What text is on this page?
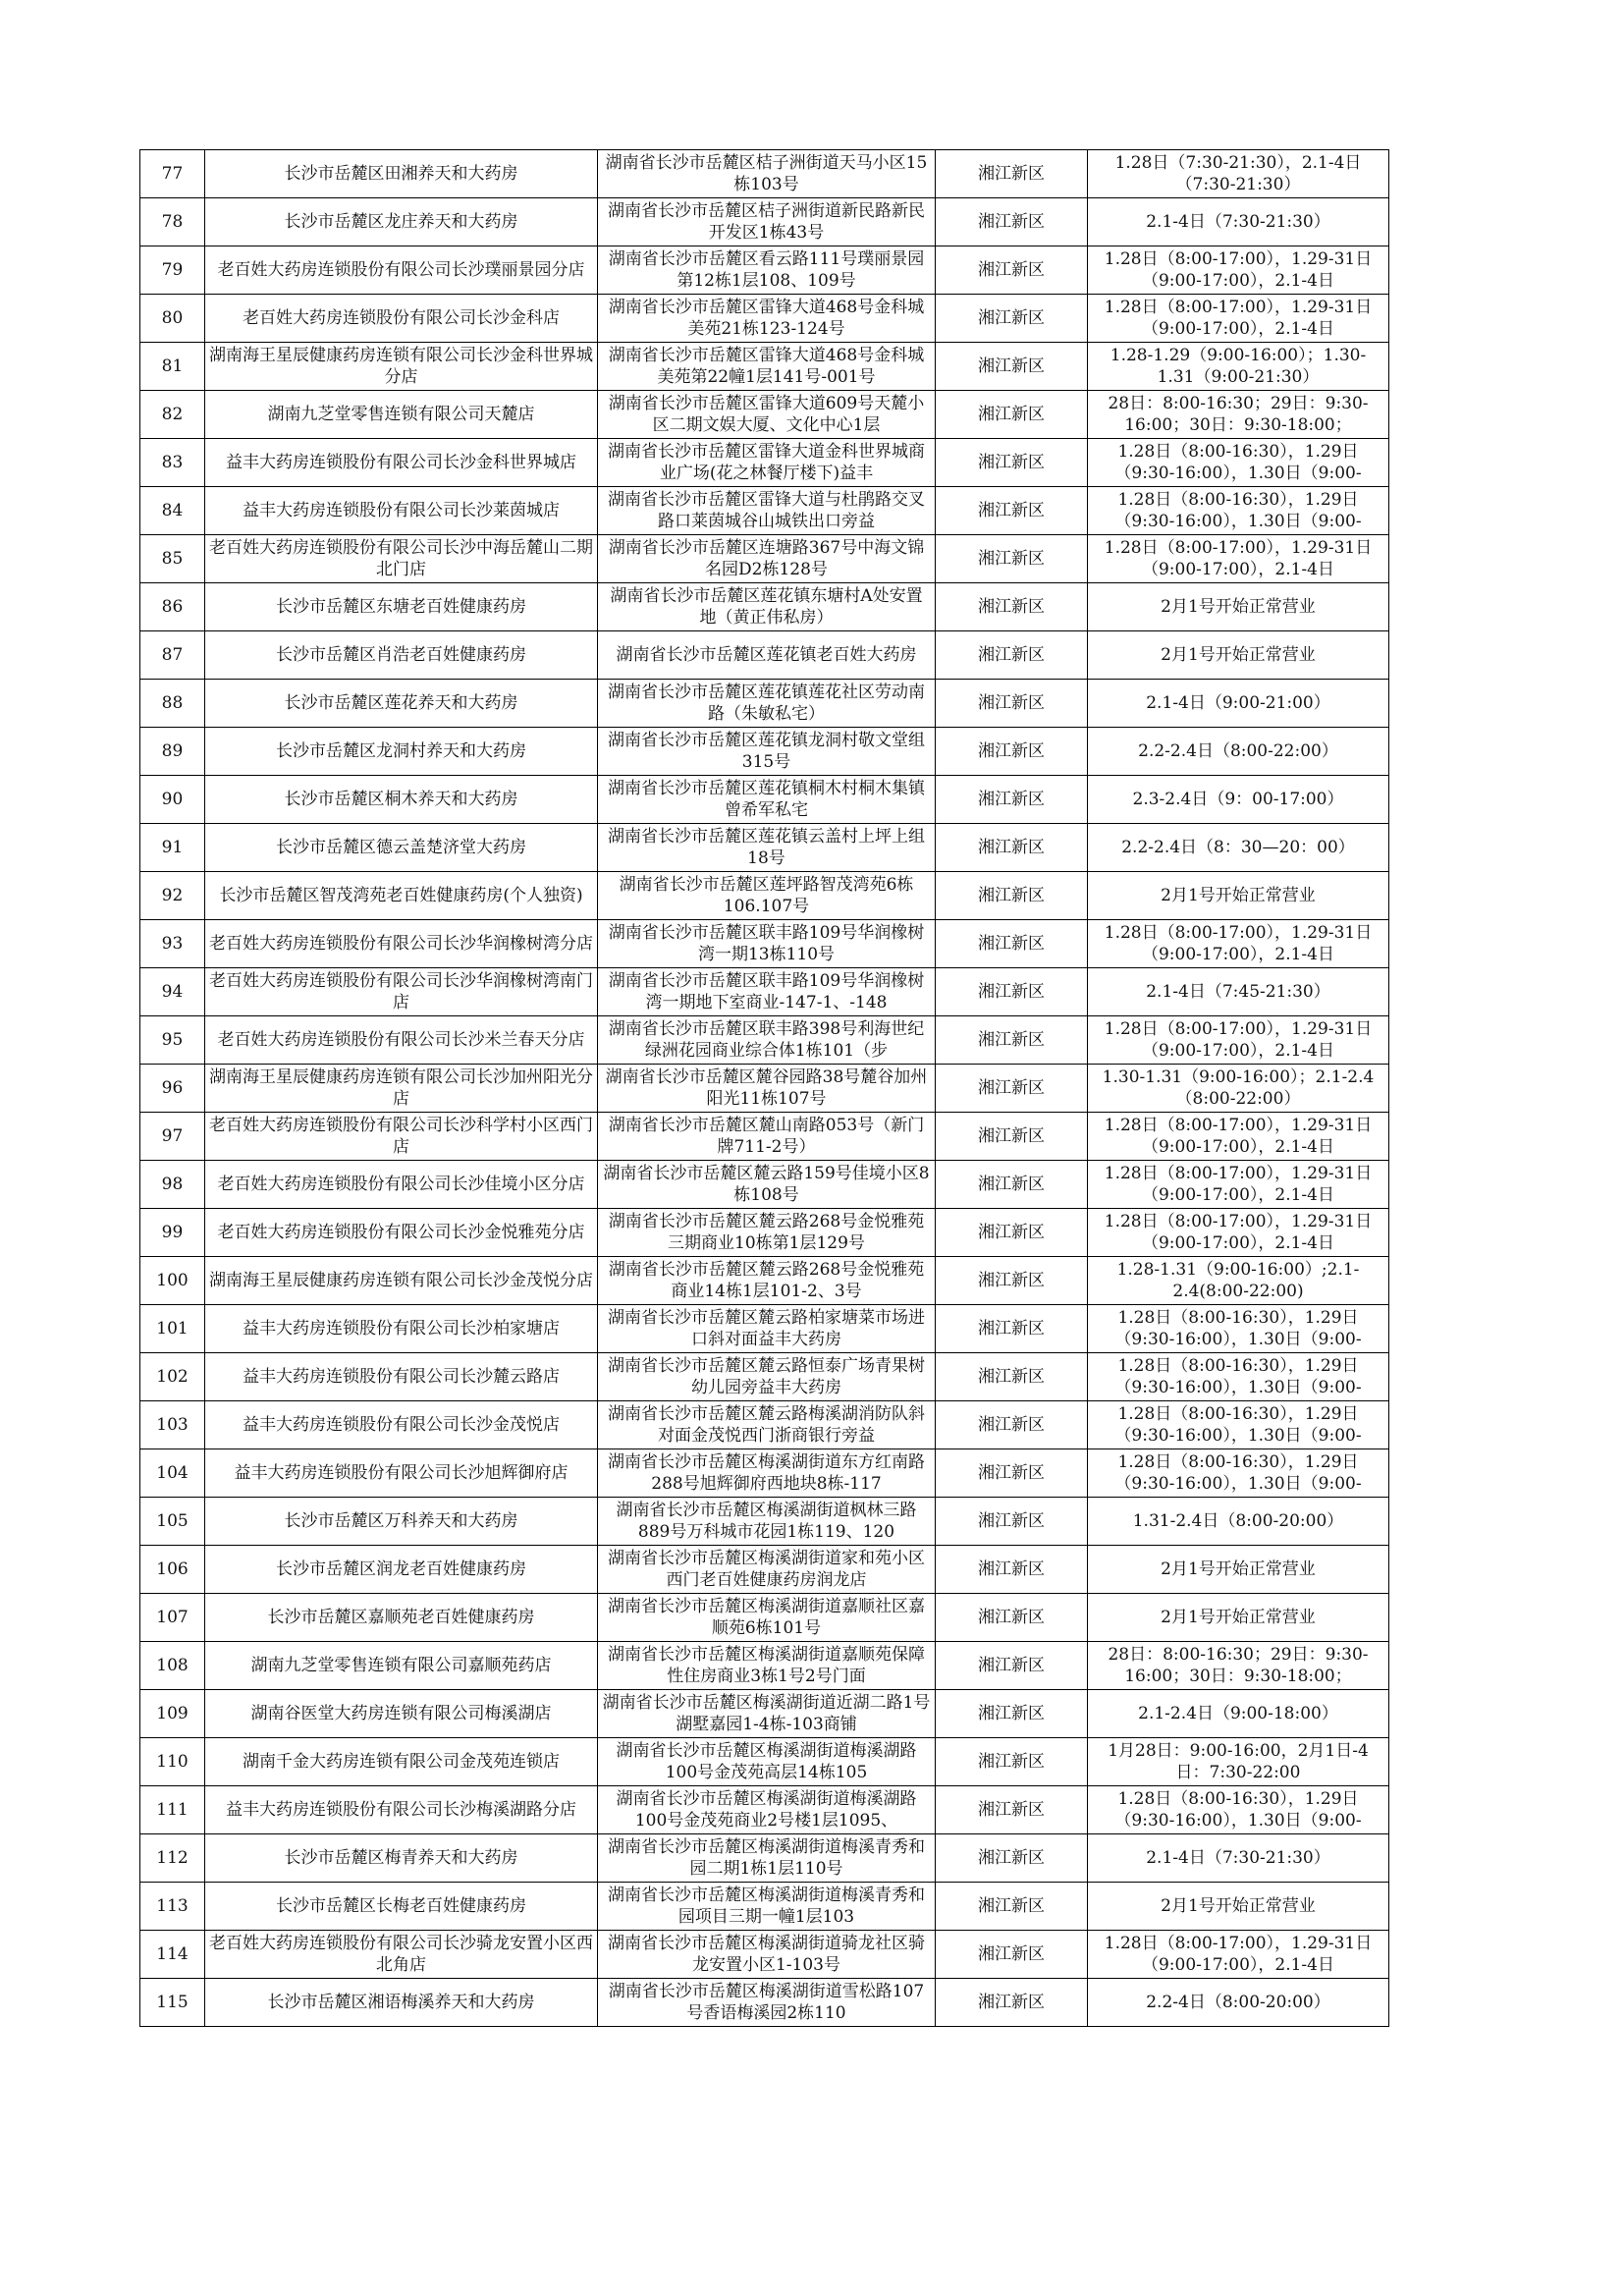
77	长沙市岳麓区田湘养天和大药房	湖南省长沙市岳麓区桔子洲街道天马小区15栋103号	湘江新区	1.28日（7:30-21:30），2.1-4日（7:30-21:30）

78	长沙市岳麓区龙庄养天和大药房	湖南省长沙市岳麓区桔子洲街道新民路新民开发区1栋43号	湘江新区	2.1-4日（7:30-21:30）

79	老百姓大药房连锁股份有限公司长沙璞丽景园分店	湖南省长沙市岳麓区看云路111号璞丽景园第12栋1层108、109号	湘江新区	1.28日（8:00-17:00），1.29-31日（9:00-17:00），2.1-4日

80	老百姓大药房连锁股份有限公司长沙金科店	湖南省长沙市岳麓区雷锋大道468号金科城美苑21栋123-124号	湘江新区	1.28日（8:00-17:00），1.29-31日（9:00-17:00），2.1-4日

81	湖南海王星辰健康药房连锁有限公司长沙金科世界城分店	湖南省长沙市岳麓区雷锋大道468号金科城美苑第22幢1层141号-001号	湘江新区	1.28-1.29（9:00-16:00）；1.30-1.31（9:00-21:30）

82	湖南九芝堂零售连锁有限公司天麓店	湖南省长沙市岳麓区雷锋大道609号天麓小区二期文娱大厦、文化中心1层	湘江新区	28日：8:00-16:30；29日：9:30-16:00；30日：9:30-18:00；

83	益丰大药房连锁股份有限公司长沙金科世界城店	湖南省长沙市岳麓区雷锋大道金科世界城商业广场(花之林餐厅楼下)益丰	湘江新区	1.28日（8:00-16:30），1.29日（9:30-16:00），1.30日（9:00-

84	益丰大药房连锁股份有限公司长沙莱茵城店	湖南省长沙市岳麓区雷锋大道与杜鹃路交叉路口莱茵城谷山城铁出口旁益	湘江新区	1.28日（8:00-16:30），1.29日（9:30-16:00），1.30日（9:00-

85	老百姓大药房连锁股份有限公司长沙中海岳麓山二期北门店	湖南省长沙市岳麓区连塘路367号中海文锦名园D2栋128号	湘江新区	1.28日（8:00-17:00），1.29-31日（9:00-17:00），2.1-4日

86	长沙市岳麓区东塘老百姓健康药房	湖南省长沙市岳麓区莲花镇东塘村A处安置地（黄正伟私房）	湘江新区	2月1号开始正常营业

87	长沙市岳麓区肖浩老百姓健康药房	湖南省长沙市岳麓区莲花镇老百姓大药房	湘江新区	2月1号开始正常营业

88	长沙市岳麓区莲花养天和大药房	湖南省长沙市岳麓区莲花镇莲花社区劳动南路（朱敏私宅）	湘江新区	2.1-4日（9:00-21:00）

89	长沙市岳麓区龙洞村养天和大药房	湖南省长沙市岳麓区莲花镇龙洞村敬文堂组315号	湘江新区	2.2-2.4日（8:00-22:00）

90	长沙市岳麓区桐木养天和大药房	湖南省长沙市岳麓区莲花镇桐木村桐木集镇曾希军私宅	湘江新区	2.3-2.4日（9：00-17:00）

91	长沙市岳麓区德云盖楚济堂大药房	湖南省长沙市岳麓区莲花镇云盖村上坪上组18号	湘江新区	2.2-2.4日（8：30—20：00）

92	长沙市岳麓区智茂湾苑老百姓健康药房(个人独资)	湖南省长沙市岳麓区莲坪路智茂湾苑6栋106.107号	湘江新区	2月1号开始正常营业

93	老百姓大药房连锁股份有限公司长沙华润橡树湾分店	湖南省长沙市岳麓区联丰路109号华润橡树湾一期13栋110号	湘江新区	1.28日（8:00-17:00），1.29-31日（9:00-17:00），2.1-4日

94	老百姓大药房连锁股份有限公司长沙华润橡树湾南门店	湖南省长沙市岳麓区联丰路109号华润橡树湾一期地下室商业-147-1、-148	湘江新区	2.1-4日（7:45-21:30）

95	老百姓大药房连锁股份有限公司长沙米兰春天分店	湖南省长沙市岳麓区联丰路398号利海世纪绿洲花园商业综合体1栋101（步	湘江新区	1.28日（8:00-17:00），1.29-31日（9:00-17:00），2.1-4日

96	湖南海王星辰健康药房连锁有限公司长沙加州阳光分店	湖南省长沙市岳麓区麓谷园路38号麓谷加州阳光11栋107号	湘江新区	1.30-1.31（9:00-16:00）；2.1-2.4（8:00-22:00）

97	老百姓大药房连锁股份有限公司长沙科学村小区西门店	湖南省长沙市岳麓区麓山南路053号（新门牌711-2号）	湘江新区	1.28日（8:00-17:00），1.29-31日（9:00-17:00），2.1-4日

98	老百姓大药房连锁股份有限公司长沙佳境小区分店	湖南省长沙市岳麓区麓云路159号佳境小区8栋108号	湘江新区	1.28日（8:00-17:00），1.29-31日（9:00-17:00），2.1-4日

99	老百姓大药房连锁股份有限公司长沙金悦雅苑分店	湖南省长沙市岳麓区麓云路268号金悦雅苑三期商业10栋第1层129号	湘江新区	1.28日（8:00-17:00），1.29-31日（9:00-17:00），2.1-4日

100	湖南海王星辰健康药房连锁有限公司长沙金茂悦分店	湖南省长沙市岳麓区麓云路268号金悦雅苑商业14栋1层101-2、3号	湘江新区	1.28-1.31（9:00-16:00）;2.1-2.4(8:00-22:00)

101	益丰大药房连锁股份有限公司长沙柏家塘店	湖南省长沙市岳麓区麓云路柏家塘菜市场进口斜对面益丰大药房	湘江新区	1.28日（8:00-16:30），1.29日（9:30-16:00），1.30日（9:00-

102	益丰大药房连锁股份有限公司长沙麓云路店	湖南省长沙市岳麓区麓云路恒泰广场青果树幼儿园旁益丰大药房	湘江新区	1.28日（8:00-16:30），1.29日（9:30-16:00），1.30日（9:00-

103	益丰大药房连锁股份有限公司长沙金茂悦店	湖南省长沙市岳麓区麓云路梅溪湖消防队斜对面金茂悦西门浙商银行旁益	湘江新区	1.28日（8:00-16:30），1.29日（9:30-16:00），1.30日（9:00-

104	益丰大药房连锁股份有限公司长沙旭辉御府店	湖南省长沙市岳麓区梅溪湖街道东方红南路288号旭辉御府西地块8栋-117	湘江新区	1.28日（8:00-16:30），1.29日（9:30-16:00），1.30日（9:00-

105	长沙市岳麓区万科养天和大药房	湖南省长沙市岳麓区梅溪湖街道枫林三路889号万科城市花园1栋119、120	湘江新区	1.31-2.4日（8:00-20:00）

106	长沙市岳麓区润龙老百姓健康药房	湖南省长沙市岳麓区梅溪湖街道家和苑小区西门老百姓健康药房润龙店	湘江新区	2月1号开始正常营业

107	长沙市岳麓区嘉顺苑老百姓健康药房	湖南省长沙市岳麓区梅溪湖街道嘉顺社区嘉顺苑6栋101号	湘江新区	2月1号开始正常营业

108	湖南九芝堂零售连锁有限公司嘉顺苑药店	湖南省长沙市岳麓区梅溪湖街道嘉顺苑保障性住房商业3栋1号2号门面	湘江新区	28日：8:00-16:30；29日：9:30-16:00；30日：9:30-18:00；

109	湖南谷医堂大药房连锁有限公司梅溪湖店	湖南省长沙市岳麓区梅溪湖街道近湖二路1号湖墅嘉园1-4栋-103商铺	湘江新区	2.1-2.4日（9:00-18:00）

110	湖南千金大药房连锁有限公司金茂苑连锁店	湖南省长沙市岳麓区梅溪湖街道梅溪湖路100号金茂苑高层14栋105	湘江新区	1月28日：9:00-16:00，2月1日-4日：7:30-22:00

111	益丰大药房连锁股份有限公司长沙梅溪湖路分店	湖南省长沙市岳麓区梅溪湖街道梅溪湖路100号金茂苑商业2号楼1层1095、	湘江新区	1.28日（8:00-16:30），1.29日（9:30-16:00），1.30日（9:00-

112	长沙市岳麓区梅青养天和大药房	湖南省长沙市岳麓区梅溪湖街道梅溪青秀和园二期1栋1层110号	湘江新区	2.1-4日（7:30-21:30）

113	长沙市岳麓区长梅老百姓健康药房	湖南省长沙市岳麓区梅溪湖街道梅溪青秀和园项目三期一幢1层103	湘江新区	2月1号开始正常营业

114	老百姓大药房连锁股份有限公司长沙骑龙安置小区西北角店	湖南省长沙市岳麓区梅溪湖街道骑龙社区骑龙安置小区1-103号	湘江新区	1.28日（8:00-17:00），1.29-31日（9:00-17:00），2.1-4日

115	长沙市岳麓区湘语梅溪养天和大药房	湖南省长沙市岳麓区梅溪湖街道雪松路107号香语梅溪园2栋110	湘江新区	2.2-4日（8:00-20:00）
